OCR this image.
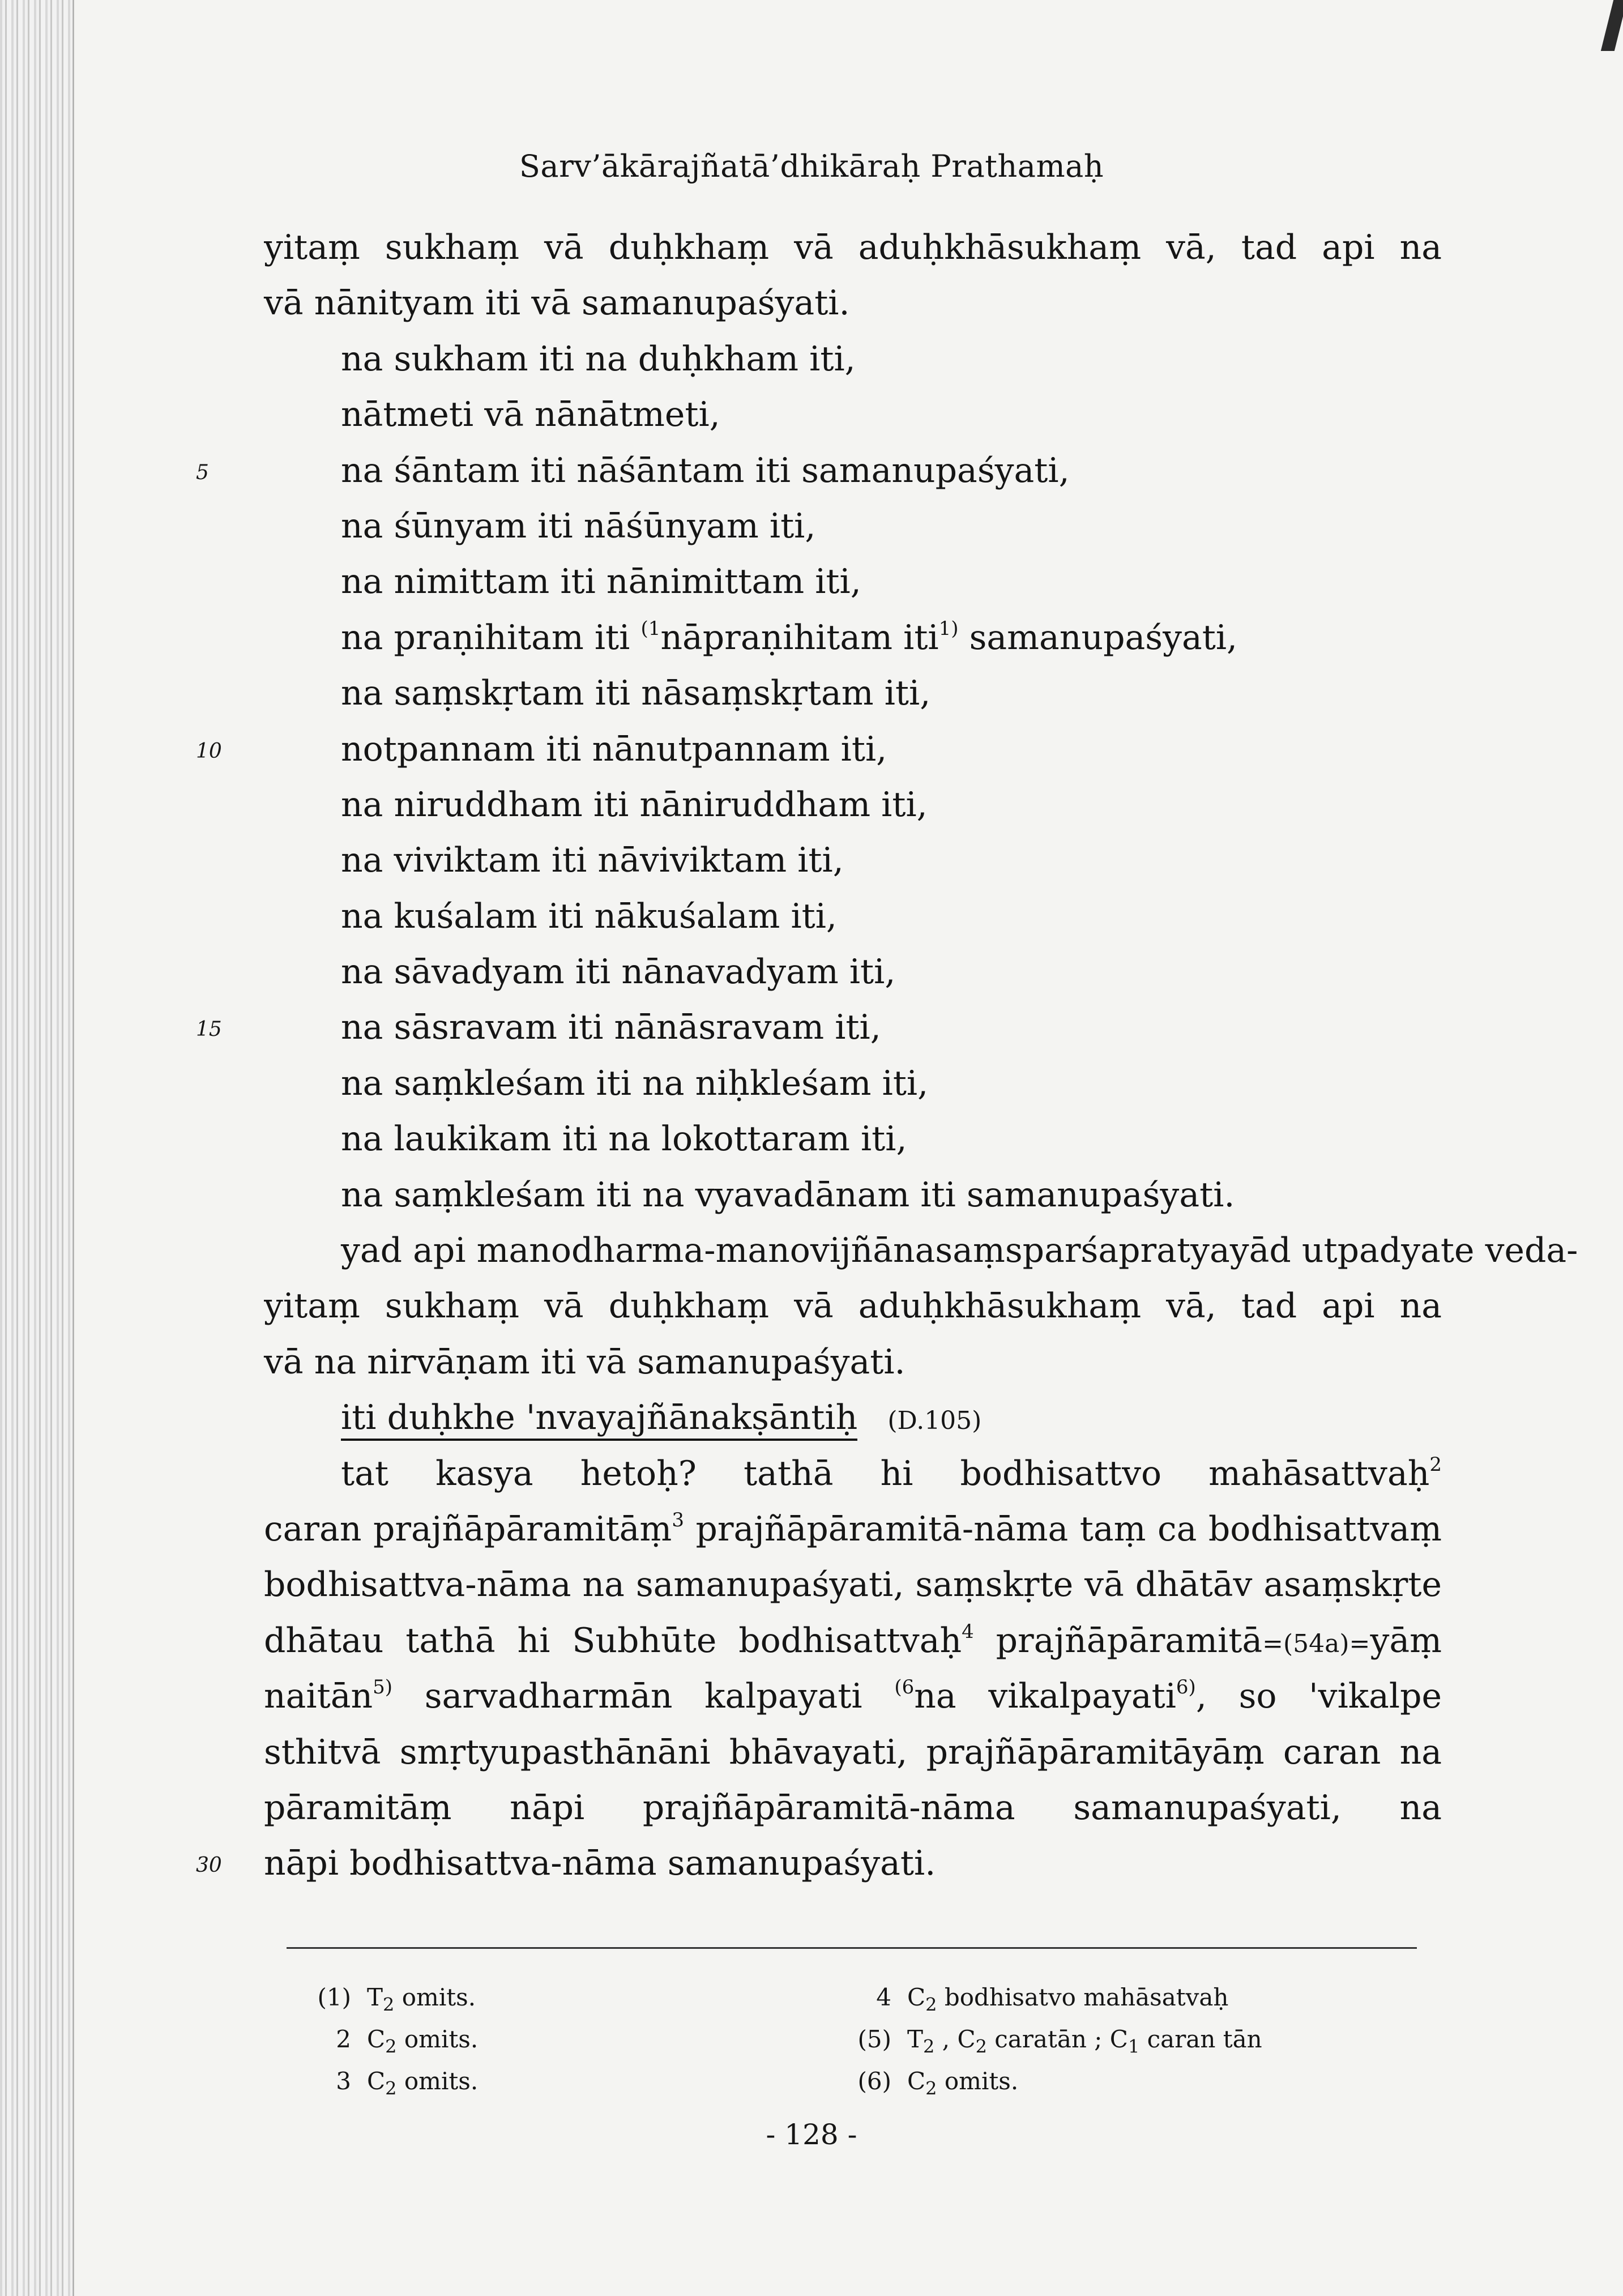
Sarv’ākārajñatā’dhikāraḥ Prathamaḥ
yitaṃ sukhaṃ vā duḥkhaṃ vā aduḥkhāsukhaṃ vā, tad api na
vā nānityam iti vā samanupaśyati.
na sukham iti na duḥkham iti,
nātmeti vā nānātmeti,
5	na śāntam iti nāśāntam iti samanupaśyati,
na śūnyam iti nāśūnyam iti,
na nimittam iti nānimittam iti,
na praṇihitam iti $^{(1}$nāpraṇihitam iti$^{1)}$ samanupaśyati,
na saṃskṛtam iti nāsaṃskṛtam iti,
10	notpannam iti nānutpannam iti,
na niruddham iti nāniruddham iti,
na viviktam iti nāviviktam iti,
na kuśalam iti nākuśalam iti,
na sāvadyam iti nānavadyam iti,
15	na sāsravam iti nānāsravam iti,
na saṃkleśam iti na niḥkleśam iti,
na laukikam iti na lokottaram iti,
na saṃkleśam iti na vyavadānam iti samanupaśyati.
yad api manodharma-manovijñānasaṃsparśapratyayād utpadyate veda-
yitaṃ sukhaṃ vā duḥkhaṃ vā aduḥkhāsukhaṃ vā, tad api na
vā na nirvāṇam iti vā samanupaśyati.
iti duḥkhe 'nvayajñānakṣāntiḥ (D.105)
tat kasya hetoḥ? tathā hi bodhisattvo mahāsattvaḥ$^2$
caran prajñāpāramitāṃ$^3$ prajñāpāramitā-nāma taṃ ca bodhisattvaṃ
bodhisattva-nāma na samanupaśyati, saṃskṛte vā dhātāv asaṃskṛte
dhātau tathā hi Subhūte bodhisattvaḥ$^4$ prajñāpāramitā=(54a)=yāṃ
naitān$^{5)}$ sarvadharmān kalpayati $^{(6}$na vikalpayati$^{6)}$, so 'vikalpe
sthitvā smṛtyupasthānāni bhāvayati, prajñāpāramitāyāṃ caran na
pāramitāṃ nāpi prajñāpāramitā-nāma samanupaśyati, na
30	nāpi bodhisattva-nāma samanupaśyati.
(1) $T_2$ omits.
2 $C_2$ omits.
3 $C_2$ omits.
4 $C_2$ bodhisatvo mahāsatvaḥ
(5) $T_2$ , $C_2$ caratān ; $C_1$ caran tān
(6) $C_2$ omits.
- 128 -
